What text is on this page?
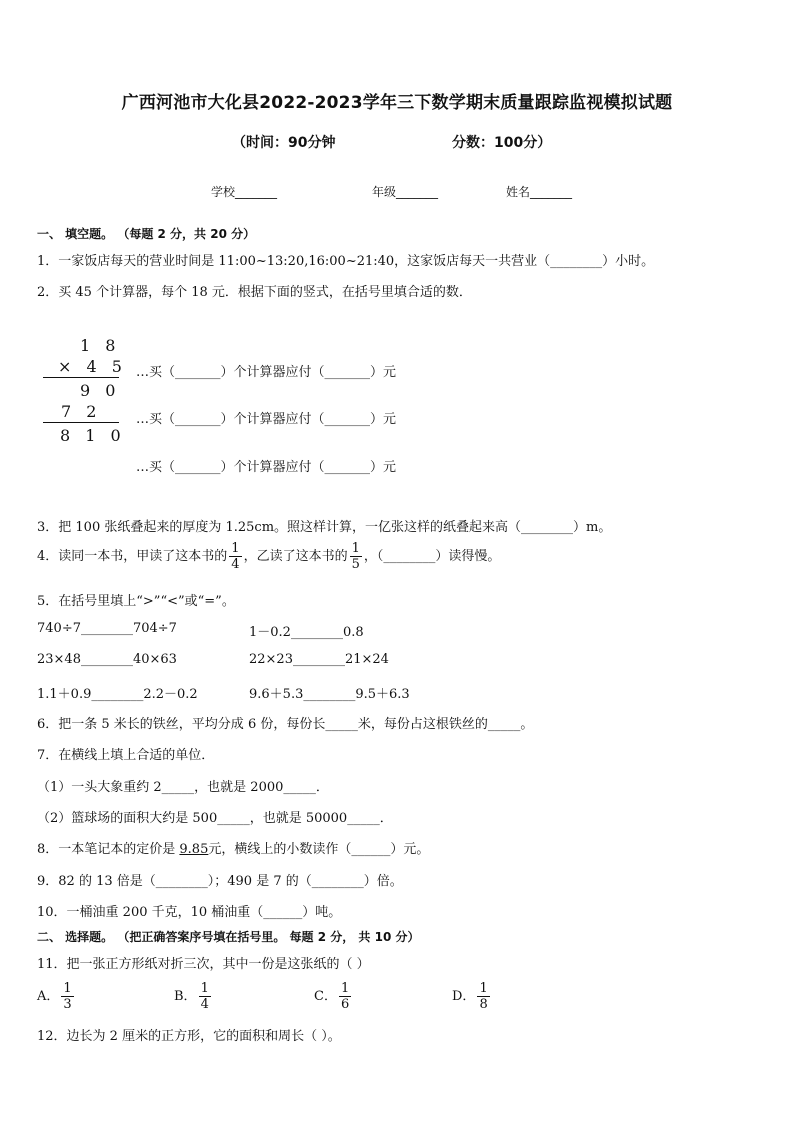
广西河池市大化县2022-2023学年三下数学期末质量跟踪监视模拟试题
（时间：90分钟	分数：100分）
学校_______	年级_______	姓名_______
一、 填空题。 （每题 2 分，共 20 分）
1．一家饭店每天的营业时间是 11:00~13:20,16:00~21:40，这家饭店每天一共营业（________）小时。
2．买 45 个计算器，每个 18 元．根据下面的竖式，在括号里填合适的数．
1 8
× 4 5
9 0
7 2
8 1 0
…买（_______）个计算器应付（_______）元
…买（_______）个计算器应付（_______）元
…买（_______）个计算器应付（_______）元
3．把 100 张纸叠起来的厚度为 1.25cm。照这样计算，一亿张这样的纸叠起来高（________）m。
4．读同一本书，甲读了这本书的 $\frac{1}{4}$ ，乙读了这本书的 $\frac{1}{5}$ ，（________）读得慢。
5．在括号里填上“>”“<”或“=”。
740÷7________704÷7	1－0.2________0.8
23×48________40×63	22×23________21×24
1.1＋0.9________2.2－0.2	9.6＋5.3________9.5＋6.3
6．把一条 5 米长的铁丝，平均分成 6 份，每份长_____米，每份占这根铁丝的_____。
7．在横线上填上合适的单位．
（1）一头大象重约 2_____，也就是 2000_____．
（2）篮球场的面积大约是 500_____，也就是 50000_____．
8．一本笔记本的定价是 9.85元，横线上的小数读作（______）元。
9．82 的 13 倍是（________）；490 是 7 的（________）倍。
10．一桶油重 200 千克，10 桶油重（______）吨。
二、 选择题。 （把正确答案序号填在括号里。 每题 2 分， 共 10 分）
11．把一张正方形纸对折三次，其中一份是这张纸的（ ）
A． $\frac{1}{3}$	B． $\frac{1}{4}$	C． $\frac{1}{6}$	D． $\frac{1}{8}$
12．边长为 2 厘米的正方形，它的面积和周长（ ）。
